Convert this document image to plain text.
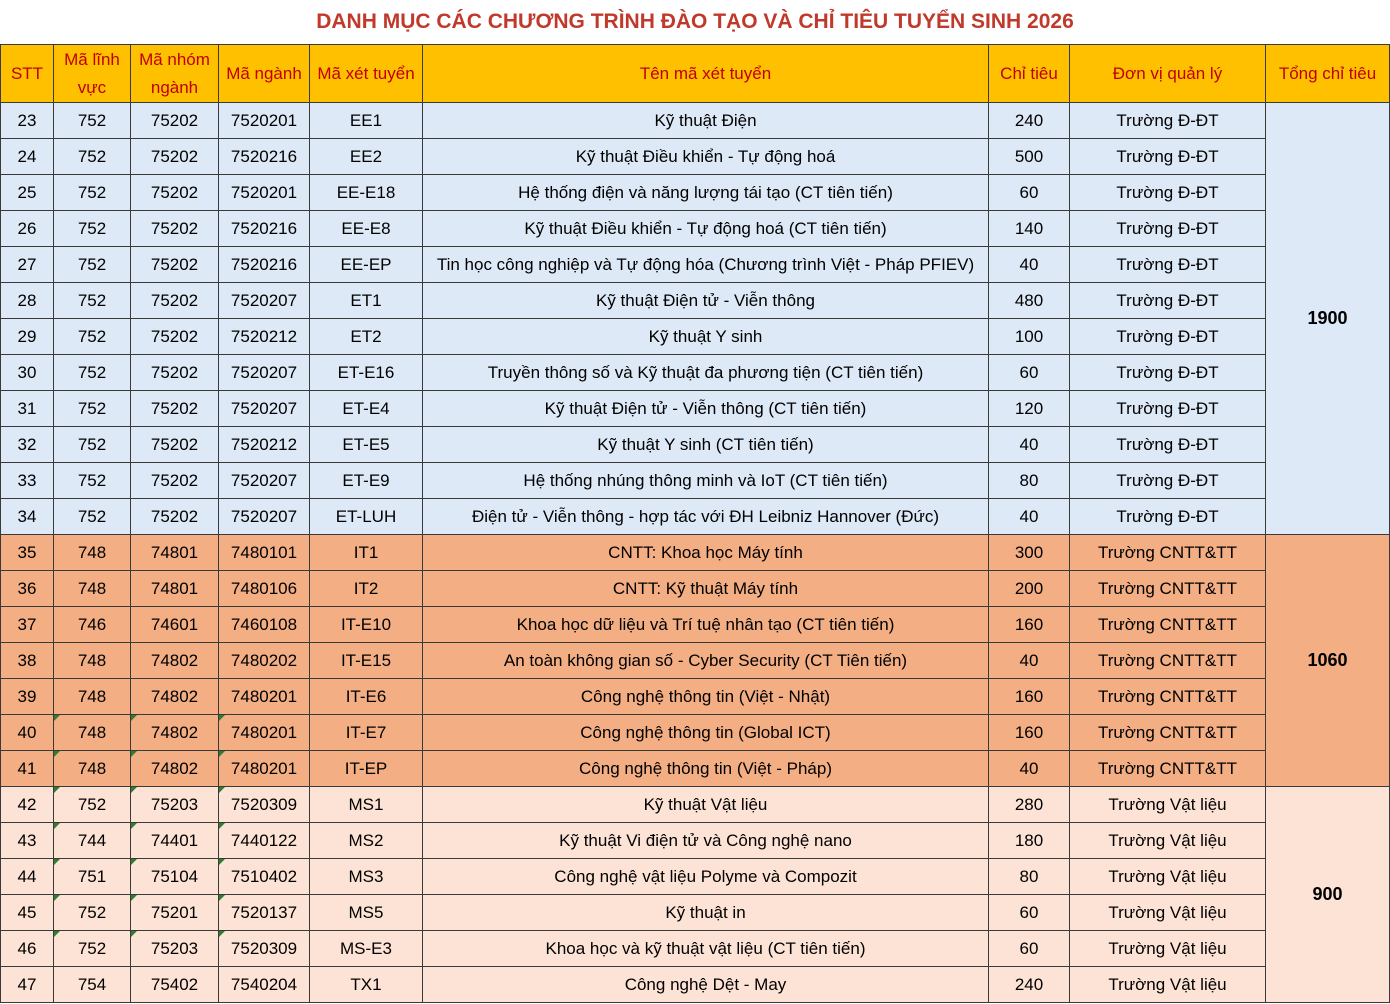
DANH MỤC CÁC CHƯƠNG TRÌNH ĐÀO TẠO VÀ CHỈ TIÊU TUYỂN SINH 2026
STT	Mã lĩnh vực	Mã nhóm ngành	Mã ngành	Mã xét tuyển	Tên mã xét tuyển	Chỉ tiêu	Đơn vị quản lý	Tổng chỉ tiêu
23	752	75202	7520201	EE1	Kỹ thuật Điện	240	Trường Đ-ĐT	1900
24	752	75202	7520216	EE2	Kỹ thuật Điều khiển - Tự động hoá	500	Trường Đ-ĐT	
25	752	75202	7520201	EE-E18	Hệ thống điện và năng lượng tái tạo (CT tiên tiến)	60	Trường Đ-ĐT	
26	752	75202	7520216	EE-E8	Kỹ thuật Điều khiển - Tự động hoá (CT tiên tiến)	140	Trường Đ-ĐT	
27	752	75202	7520216	EE-EP	Tin học công nghiệp và Tự động hóa (Chương trình Việt - Pháp PFIEV)	40	Trường Đ-ĐT	
28	752	75202	7520207	ET1	Kỹ thuật Điện tử - Viễn thông	480	Trường Đ-ĐT	
29	752	75202	7520212	ET2	Kỹ thuật Y sinh	100	Trường Đ-ĐT	
30	752	75202	7520207	ET-E16	Truyền thông số và Kỹ thuật đa phương tiện (CT tiên tiến)	60	Trường Đ-ĐT	
31	752	75202	7520207	ET-E4	Kỹ thuật Điện tử - Viễn thông (CT tiên tiến)	120	Trường Đ-ĐT	
32	752	75202	7520212	ET-E5	Kỹ thuật Y sinh (CT tiên tiến)	40	Trường Đ-ĐT	
33	752	75202	7520207	ET-E9	Hệ thống nhúng thông minh và IoT (CT tiên tiến)	80	Trường Đ-ĐT	
34	752	75202	7520207	ET-LUH	Điện tử - Viễn thông - hợp tác với ĐH Leibniz Hannover (Đức)	40	Trường Đ-ĐT	
35	748	74801	7480101	IT1	CNTT: Khoa học Máy tính	300	Trường CNTT&TT	1060
36	748	74801	7480106	IT2	CNTT: Kỹ thuật Máy tính	200	Trường CNTT&TT	
37	746	74601	7460108	IT-E10	Khoa học dữ liệu và Trí tuệ nhân tạo (CT tiên tiến)	160	Trường CNTT&TT	
38	748	74802	7480202	IT-E15	An toàn không gian số - Cyber Security (CT Tiên tiến)	40	Trường CNTT&TT	
39	748	74802	7480201	IT-E6	Công nghệ thông tin (Việt - Nhật)	160	Trường CNTT&TT	
40	748	74802	7480201	IT-E7	Công nghệ thông tin (Global ICT)	160	Trường CNTT&TT	
41	748	74802	7480201	IT-EP	Công nghệ thông tin (Việt - Pháp)	40	Trường CNTT&TT	
42	752	75203	7520309	MS1	Kỹ thuật Vật liệu	280	Trường Vật liệu	900
43	744	74401	7440122	MS2	Kỹ thuật Vi điện tử và Công nghệ nano	180	Trường Vật liệu	
44	751	75104	7510402	MS3	Công nghệ vật liệu Polyme và Compozit	80	Trường Vật liệu	
45	752	75201	7520137	MS5	Kỹ thuật in	60	Trường Vật liệu	
46	752	75203	7520309	MS-E3	Khoa học và kỹ thuật vật liệu (CT tiên tiến)	60	Trường Vật liệu	
47	754	75402	7540204	TX1	Công nghệ Dệt - May	240	Trường Vật liệu	
